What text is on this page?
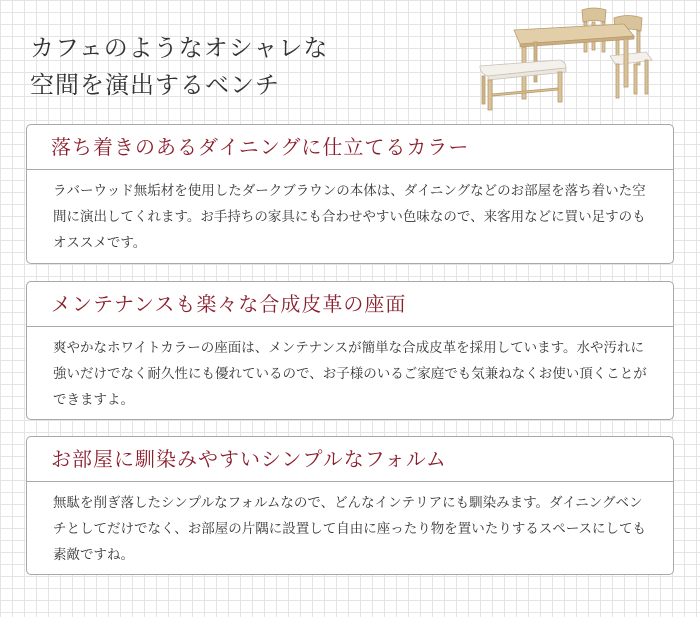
カフェのようなオシャレな
空間を演出するベンチ
落ち着きのあるダイニングに仕立てるカラー

ラバーウッド無垢材を使用したダークブラウンの本体は、ダイニングなどのお部屋を落ち着いた空間に演出してくれます。お手持ちの家具にも合わせやすい色味なので、来客用などに買い足すのもオススメです。

メンテナンスも楽々な合成皮革の座面

爽やかなホワイトカラーの座面は、メンテナンスが簡単な合成皮革を採用しています。水や汚れに強いだけでなく耐久性にも優れているので、お子様のいるご家庭でも気兼ねなくお使い頂くことができますよ。

お部屋に馴染みやすいシンプルなフォルム

無駄を削ぎ落したシンプルなフォルムなので、どんなインテリアにも馴染みます。ダイニングベンチとしてだけでなく、お部屋の片隅に設置して自由に座ったり物を置いたりするスペースにしても素敵ですね。
